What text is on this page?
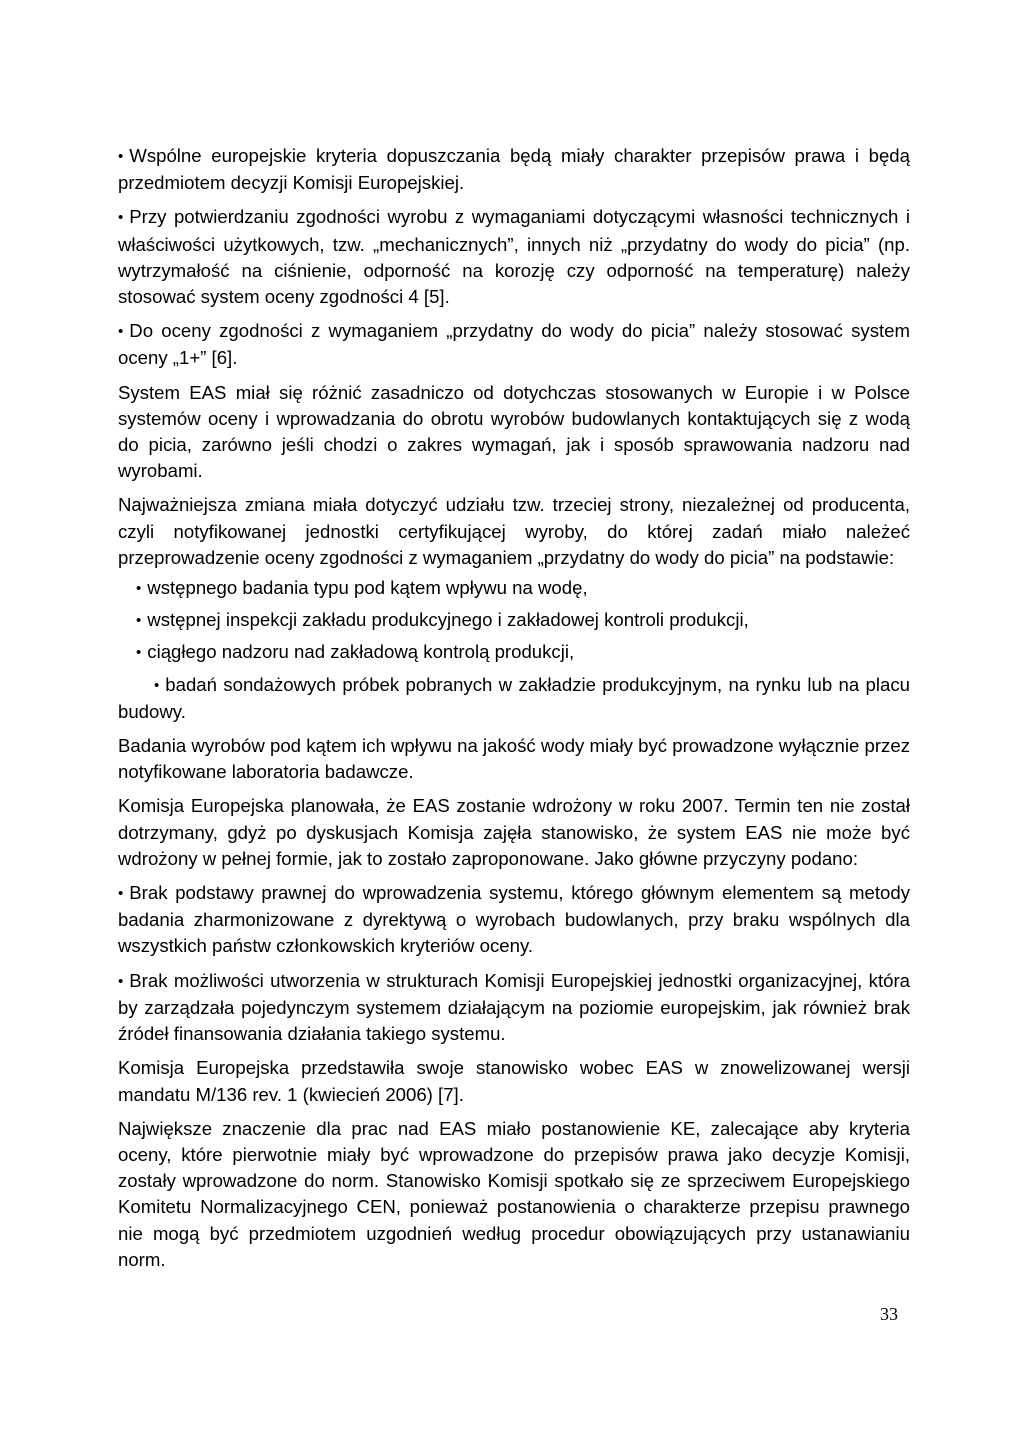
• Wspólne europejskie kryteria dopuszczania będą miały charakter przepisów prawa i będą przedmiotem decyzji Komisji Europejskiej.

• Przy potwierdzaniu zgodności wyrobu z wymaganiami dotyczącymi własności technicznych i właściwości użytkowych, tzw. „mechanicznych”, innych niż „przydatny do wody do picia” (np. wytrzymałość na ciśnienie, odporność na korozję czy odporność na temperaturę) należy stosować system oceny zgodności 4 [5].

• Do oceny zgodności z wymaganiem „przydatny do wody do picia” należy stosować system oceny „1+” [6].

System EAS miał się różnić zasadniczo od dotychczas stosowanych w Europie i w Polsce systemów oceny i wprowadzania do obrotu wyrobów budowlanych kontaktujących się z wodą do picia, zarówno jeśli chodzi o zakres wymagań, jak i sposób sprawowania nadzoru nad wyrobami.

Najważniejsza zmiana miała dotyczyć udziału tzw. trzeciej strony, niezależnej od producenta, czyli notyfikowanej jednostki certyfikującej wyroby, do której zadań miało należeć przeprowadzenie oceny zgodności z wymaganiem „przydatny do wody do picia” na podstawie:

• wstępnego badania typu pod kątem wpływu na wodę,
• wstępnej inspekcji zakładu produkcyjnego i zakładowej kontroli produkcji,
• ciągłego nadzoru nad zakładową kontrolą produkcji,
• badań sondażowych próbek pobranych w zakładzie produkcyjnym, na rynku lub na placu budowy.

Badania wyrobów pod kątem ich wpływu na jakość wody miały być prowadzone wyłącznie przez notyfikowane laboratoria badawcze.

Komisja Europejska planowała, że EAS zostanie wdrożony w roku 2007. Termin ten nie został dotrzymany, gdyż po dyskusjach Komisja zajęła stanowisko, że system EAS nie może być wdrożony w pełnej formie, jak to zostało zaproponowane. Jako główne przyczyny podano:

• Brak podstawy prawnej do wprowadzenia systemu, którego głównym elementem są metody badania zharmonizowane z dyrektywą o wyrobach budowlanych, przy braku wspólnych dla wszystkich państw członkowskich kryteriów oceny.

• Brak możliwości utworzenia w strukturach Komisji Europejskiej jednostki organizacyjnej, która by zarządzała pojedynczym systemem działającym na poziomie europejskim, jak również brak źródeł finansowania działania takiego systemu.

Komisja Europejska przedstawiła swoje stanowisko wobec EAS w znowelizowanej wersji mandatu M/136 rev. 1 (kwiecień 2006) [7].

Największe znaczenie dla prac nad EAS miało postanowienie KE, zalecające aby kryteria oceny, które pierwotnie miały być wprowadzone do przepisów prawa jako decyzje Komisji, zostały wprowadzone do norm. Stanowisko Komisji spotkało się ze sprzeciwem Europejskiego Komitetu Normalizacyjnego CEN, ponieważ postanowienia o charakterze przepisu prawnego nie mogą być przedmiotem uzgodnień według procedur obowiązujących przy ustanawianiu norm.

33
